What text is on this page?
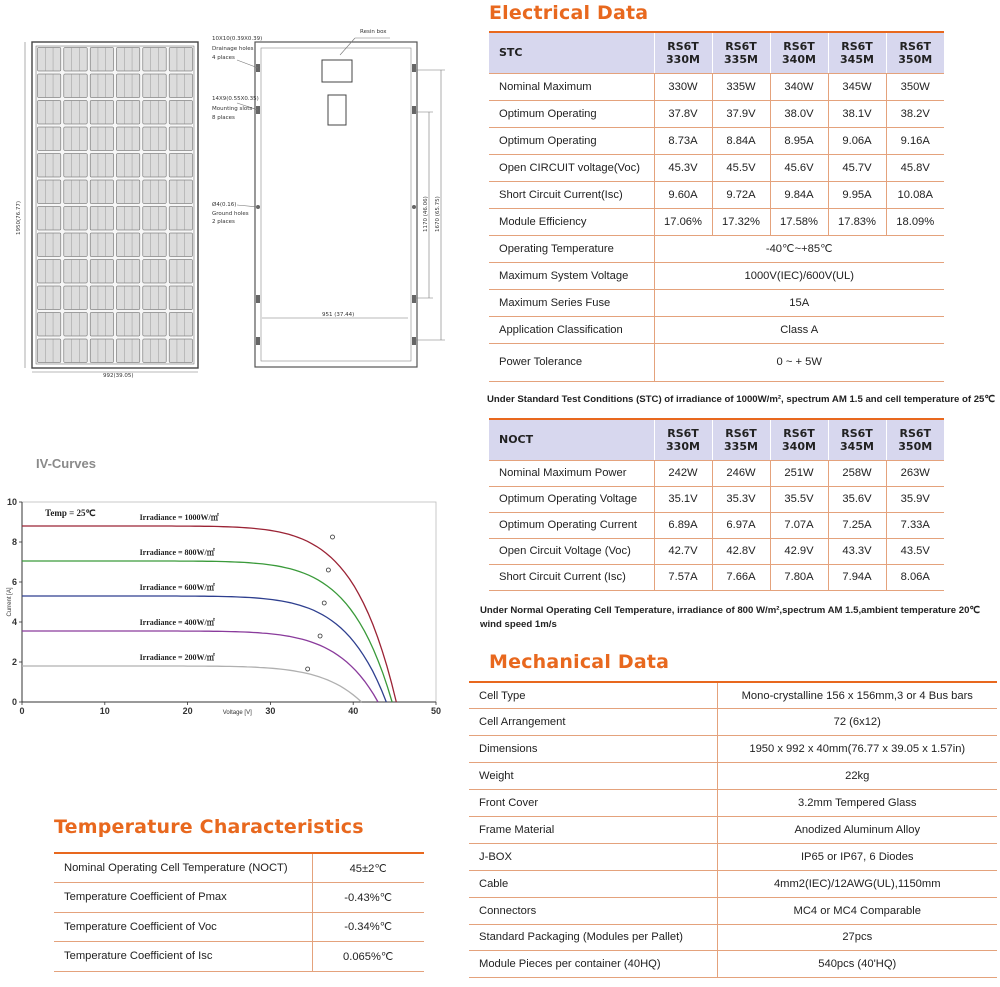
10X10(0.39X0.39)
Drainage holes
4 places
14X9(0.55X0.35)
Mounting slots
8 places
Ø4(0.16)
Ground holes
2 places
Resin box
951 (37.44)
992(39.05)
1950(76.77)	1170 (46.06) 1670 (65.75)
IV-Curves
0	10	20	30	40	50
0
2
4
6
8
10
Voltage [V]
Current [A]
Temp = 25℃	Irradiance = 1000W/㎡
Irradiance = 800W/㎡
Irradiance = 600W/㎡
Irradiance = 400W/㎡
Irradiance = 200W/㎡
Temperature Characteristics
Nominal Operating Cell Temperature (NOCT)	45±2℃
Temperature Coefficient of Pmax	-0.43%℃
Temperature Coefficient of Voc	-0.34%℃
Temperature Coefficient of Isc	0.065%℃
Electrical Data
STC	RS6T 330M	RS6T 335M	RS6T 340M	RS6T 345M	RS6T 350M
Nominal Maximum	330W	335W	340W	345W	350W
Optimum Operating	37.8V	37.9V	38.0V	38.1V	38.2V
Optimum Operating	8.73A	8.84A	8.95A	9.06A	9.16A
Open CIRCUIT voltage(Voc)	45.3V	45.5V	45.6V	45.7V	45.8V
Short Circuit Current(Isc)	9.60A	9.72A	9.84A	9.95A	10.08A
Module Efficiency	17.06%	17.32%	17.58%	17.83%	18.09%
Operating Temperature	-40℃~+85℃				
Maximum System Voltage	1000V(IEC)/600V(UL)				
Maximum Series Fuse	15A				
Application Classification	Class A				
Power Tolerance	0 ~ + 5W				
Under Standard Test Conditions (STC) of irradiance of 1000W/m², spectrum AM 1.5 and cell temperature of 25℃
NOCT	RS6T 330M	RS6T 335M	RS6T 340M	RS6T 345M	RS6T 350M
Nominal Maximum Power	242W	246W	251W	258W	263W
Optimum Operating Voltage	35.1V	35.3V	35.5V	35.6V	35.9V
Optimum Operating Current	6.89A	6.97A	7.07A	7.25A	7.33A
Open Circuit Voltage (Voc)	42.7V	42.8V	42.9V	43.3V	43.5V
Short Circuit Current (Isc)	7.57A	7.66A	7.80A	7.94A	8.06A
Under Normal Operating Cell Temperature, irradiance of 800 W/m²,spectrum AM 1.5,ambient temperature 20℃
wind speed 1m/s
Mechanical Data
Cell Type	Mono-crystalline 156 x 156mm,3 or 4 Bus bars
Cell Arrangement	72 (6x12)
Dimensions	1950 x 992 x 40mm(76.77 x 39.05 x 1.57in)
Weight	22kg
Front Cover	3.2mm Tempered Glass
Frame Material	Anodized Aluminum Alloy
J-BOX	IP65 or IP67, 6 Diodes
Cable	4mm2(IEC)/12AWG(UL),1150mm
Connectors	MC4 or MC4 Comparable
Standard Packaging (Modules per Pallet)	27pcs
Module Pieces per container (40HQ)	540pcs (40'HQ)
